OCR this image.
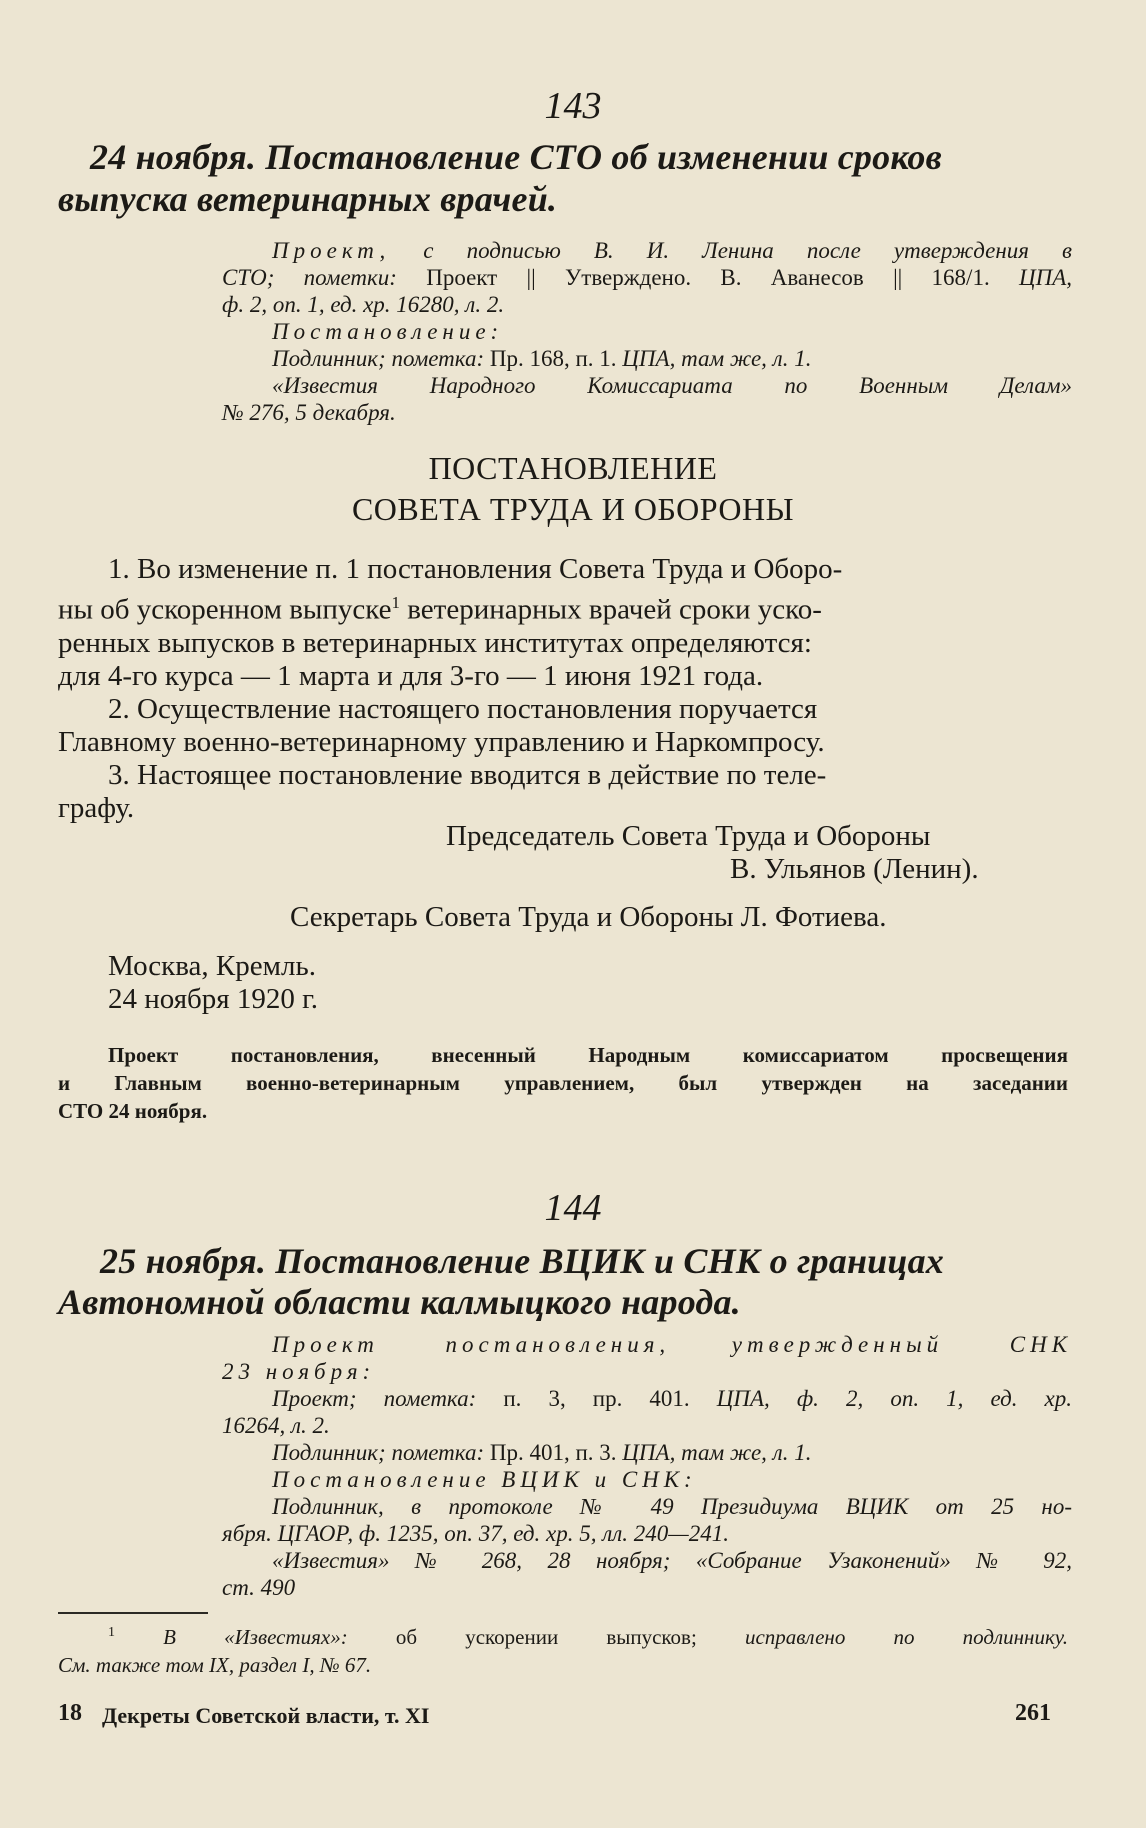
143
24 ноября. Постановление СТО об изменении сроков
выпуска ветеринарных врачей.
Проект, с подписью В. И. Ленина после утверждения в
СТО; пометки: Проект || Утверждено. В. Аванесов || 168/1. ЦПА,
ф. 2, оп. 1, ед. хр. 16280, л. 2.
Постановление:
Подлинник; пометка: Пр. 168, п. 1. ЦПА, там же, л. 1.
«Известия Народного Комиссариата по Военным Делам»
№ 276, 5 декабря.
ПОСТАНОВЛЕНИЕ
СОВЕТА ТРУДА И ОБОРОНЫ

1. Во изменение п. 1 постановления Совета Труда и Оборо-

ны об ускоренном выпуске$^1$ ветеринарных врачей сроки уско-

ренных выпусков в ветеринарных институтах определяются:

для 4-го курса — 1 марта и для 3-го — 1 июня 1921 года.

2. Осуществление настоящего постановления поручается

Главному военно-ветеринарному управлению и Наркомпросу.

3. Настоящее постановление вводится в действие по теле-

графу.

Председатель Совета Труда и Обороны
В. Ульянов (Ленин).
Секретарь Совета Труда и Обороны Л. Фотиева.
Москва, Кремль.
24 ноября 1920 г.
Проект постановления, внесенный Народным комиссариатом просвещения
и Главным военно-ветеринарным управлением, был утвержден на заседании
СТО 24 ноября.
144
25 ноября. Постановление ВЦИК и СНК о границах
Автономной области калмыцкого народа.
Проект постановления,	утвержденный СНК
23 ноября:
Проект; пометка: п. 3, пр. 401. ЦПА, ф. 2, оп. 1, ед. хр.
16264, л. 2.
Подлинник; пометка: Пр. 401, п. 3. ЦПА, там же, л. 1.
Постановление ВЦИК и СНК:
Подлинник, в протоколе № 49 Президиума ВЦИК от 25 но-
ября. ЦГАОР, ф. 1235, оп. 37, ед. хр. 5, лл. 240—241.
«Известия» № 268, 28 ноября; «Собрание Узаконений» № 92,
ст. 490
$^1$ В «Известиях»: об ускорении выпусков; исправлено по подлиннику.
См. также том IX, раздел I, № 67.
18 Декреты Советской власти, т. XI	261
